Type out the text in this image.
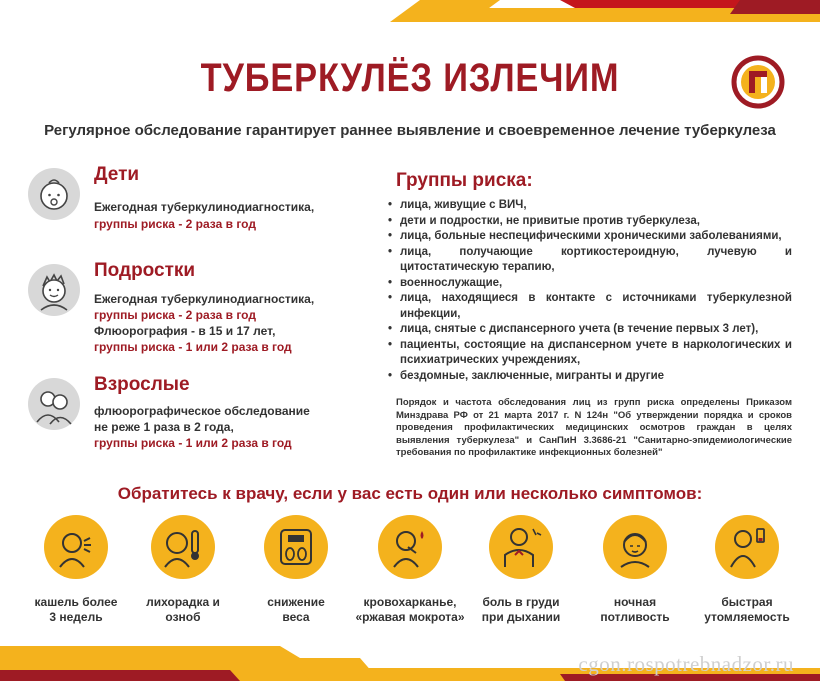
ТУБЕРКУЛЁЗ ИЗЛЕЧИМ
Регулярное обследование гарантирует раннее выявление и своевременное лечение туберкулеза
Дети
Ежегодная туберкулинодиагностика,
группы риска - 2 раза в год
Подростки
Ежегодная туберкулинодиагностика,
группы риска - 2 раза в год
Флюорография - в 15 и 17 лет,
группы риска - 1 или 2 раза в год
Взрослые
флюорографическое обследование
не реже 1 раза в 2 года,
группы риска - 1 или 2 раза в год
Группы риска:
• лица, живущие с ВИЧ,
• дети и подростки, не привитые против туберкулеза,
• лица, больные неспецифическими хроническими заболеваниями,
• лица, получающие кортикостероидную, лучевую и цитостатическую терапию,
• военнослужащие,
• лица, находящиеся в контакте с источниками туберкулезной инфекции,
• лица, снятые с диспансерного учета (в течение первых 3 лет),
• пациенты, состоящие на диспансерном учете в наркологических и психиатрических учреждениях,
• бездомные, заключенные, мигранты и другие
Порядок и частота обследования лиц из групп риска определены Приказом Минздрава РФ от 21 марта 2017 г. N 124н "Об утверждении порядка и сроков проведения профилактических медицинских осмотров граждан в целях выявления туберкулеза" и СанПиН 3.3686-21 "Санитарно-эпидемиологические требования по профилактике инфекционных болезней"
Обратитесь к врачу, если у вас есть один или несколько симптомов:
кашель более
3 недель
лихорадка и
озноб
снижение
веса
кровохарканье,
«ржавая мокрота»
боль в груди
при дыхании
ночная
потливость
быстрая
утомляемость
cgon.rospotrebnadzor.ru
